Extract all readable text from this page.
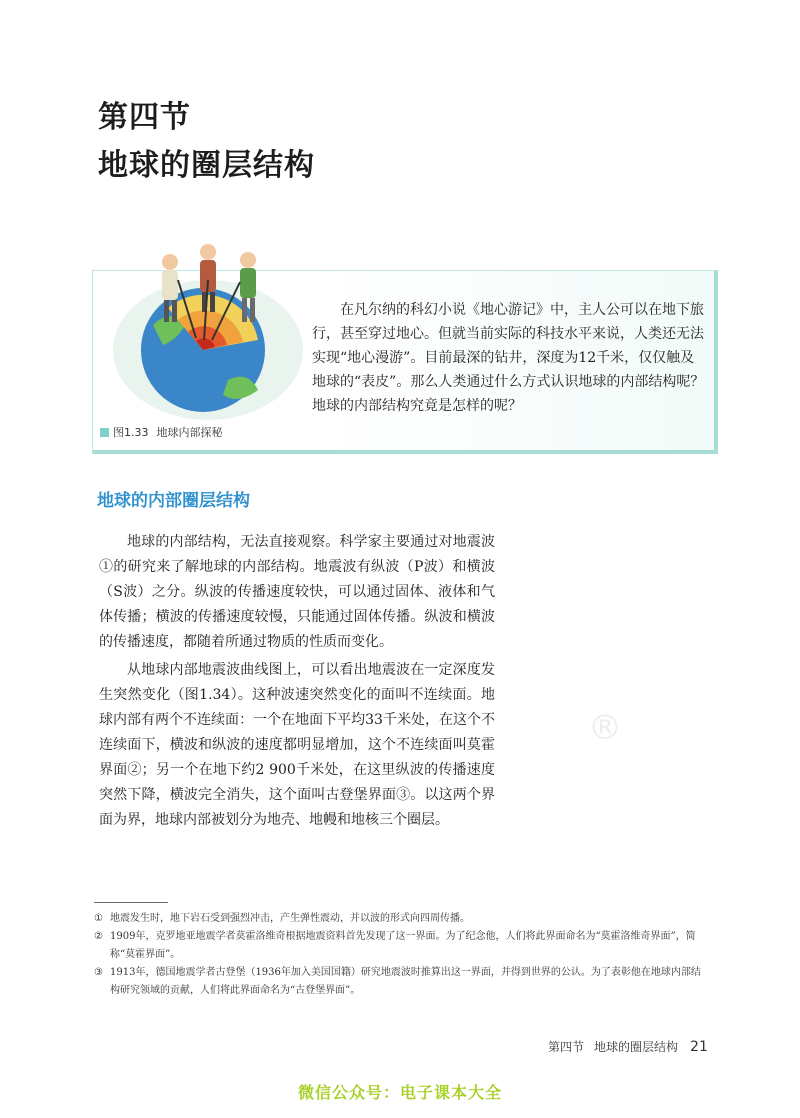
第四节
地球的圈层结构
图1.33 地球内部探秘
在凡尔纳的科幻小说《地心游记》中，主人公可以在地下旅行，甚至穿过地心。但就当前实际的科技水平来说，人类还无法实现“地心漫游”。目前最深的钻井，深度为12千米，仅仅触及地球的“表皮”。那么人类通过什么方式认识地球的内部结构呢？地球的内部结构究竟是怎样的呢？
地球的内部圈层结构

地球的内部结构，无法直接观察。科学家主要通过对地震波①的研究来了解地球的内部结构。地震波有纵波（P波）和横波（S波）之分。纵波的传播速度较快，可以通过固体、液体和气体传播；横波的传播速度较慢，只能通过固体传播。纵波和横波的传播速度，都随着所通过物质的性质而变化。

从地球内部地震波曲线图上，可以看出地震波在一定深度发生突然变化（图1.34）。这种波速突然变化的面叫不连续面。地球内部有两个不连续面：一个在地面下平均33千米处，在这个不连续面下，横波和纵波的速度都明显增加，这个不连续面叫莫霍界面②；另一个在地下约2 900千米处，在这里纵波的传播速度突然下降，横波完全消失，这个面叫古登堡界面③。以这两个界面为界，地球内部被划分为地壳、地幔和地核三个圈层。

®
① 地震发生时，地下岩石受到强烈冲击，产生弹性震动，并以波的形式向四周传播。
② 1909年，克罗地亚地震学者莫霍洛维奇根据地震资料首先发现了这一界面。为了纪念他，人们将此界面命名为“莫霍洛维奇界面”，简称“莫霍界面”。
③ 1913年，德国地震学者古登堡（1936年加入美国国籍）研究地震波时推算出这一界面，并得到世界的公认。为了表彰他在地球内部结构研究领域的贡献，人们将此界面命名为“古登堡界面”。
第四节 地球的圈层结构 21
微信公众号：电子课本大全
